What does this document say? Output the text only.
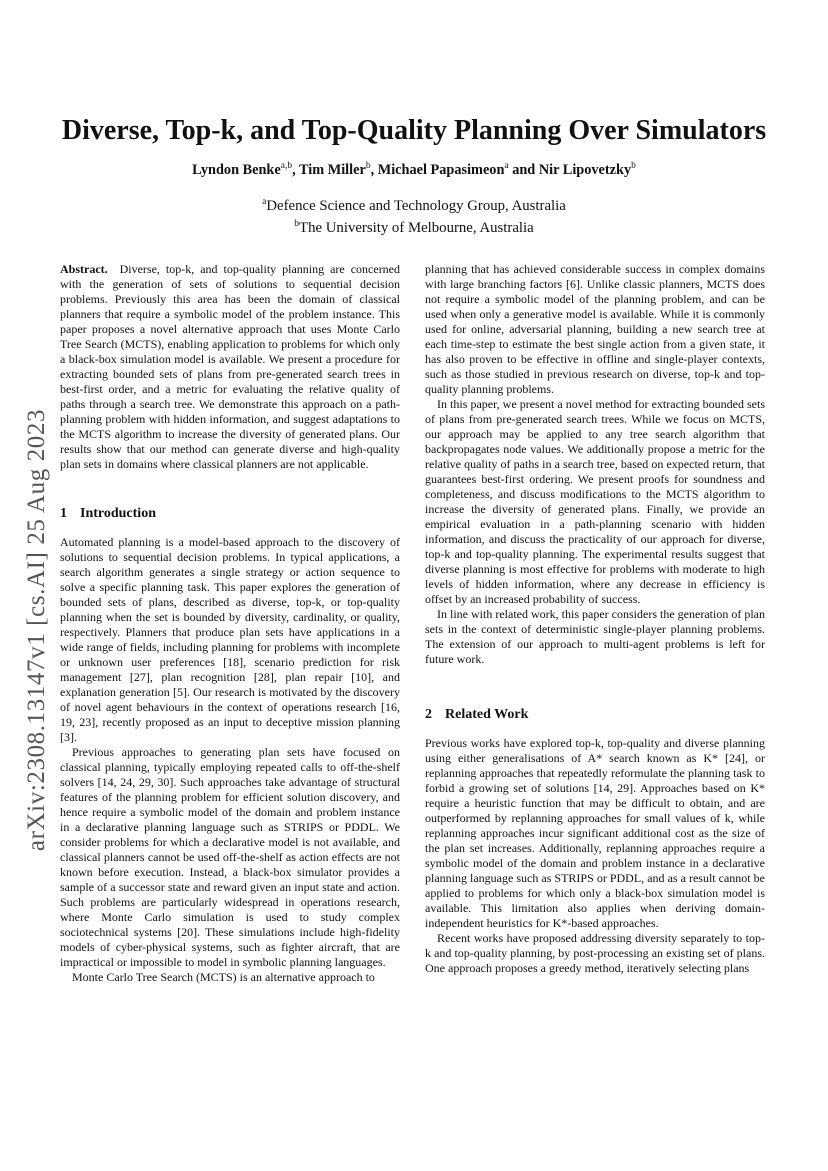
arXiv:2308.13147v1 [cs.AI] 25 Aug 2023
Diverse, Top-k, and Top-Quality Planning Over Simulators
Lyndon Benke$^{a,b}$, Tim Miller$^b$, Michael Papasimeon$^a$ and Nir Lipovetzky$^b$
$^a$Defence Science and Technology Group, Australia
$^b$The University of Melbourne, Australia

Abstract. Diverse, top-k, and top-quality planning are concerned with the generation of sets of solutions to sequential decision problems. Previously this area has been the domain of classical planners that require a symbolic model of the problem instance. This paper proposes a novel alternative approach that uses Monte Carlo Tree Search (MCTS), enabling application to problems for which only a black-box simulation model is available. We present a procedure for extracting bounded sets of plans from pre-generated search trees in best-first order, and a metric for evaluating the relative quality of paths through a search tree. We demonstrate this approach on a path-planning problem with hidden information, and suggest adaptations to the MCTS algorithm to increase the diversity of generated plans. Our results show that our method can generate diverse and high-quality plan sets in domains where classical planners are not applicable.

1 Introduction

Automated planning is a model-based approach to the discovery of solutions to sequential decision problems. In typical applications, a search algorithm generates a single strategy or action sequence to solve a specific planning task. This paper explores the generation of bounded sets of plans, described as diverse, top-k, or top-quality planning when the set is bounded by diversity, cardinality, or quality, respectively. Planners that produce plan sets have applications in a wide range of fields, including planning for problems with incomplete or unknown user preferences [18], scenario prediction for risk management [27], plan recognition [28], plan repair [10], and explanation generation [5]. Our research is motivated by the discovery of novel agent behaviours in the context of operations research [16, 19, 23], recently proposed as an input to deceptive mission planning [3].

Previous approaches to generating plan sets have focused on classical planning, typically employing repeated calls to off-the-shelf solvers [14, 24, 29, 30]. Such approaches take advantage of structural features of the planning problem for efficient solution discovery, and hence require a symbolic model of the domain and problem instance in a declarative planning language such as STRIPS or PDDL. We consider problems for which a declarative model is not available, and classical planners cannot be used off-the-shelf as action effects are not known before execution. Instead, a black-box simulator provides a sample of a successor state and reward given an input state and action. Such problems are particularly widespread in operations research, where Monte Carlo simulation is used to study complex sociotechnical systems [20]. These simulations include high-fidelity models of cyber-physical systems, such as fighter aircraft, that are impractical or impossible to model in symbolic planning languages.

Monte Carlo Tree Search (MCTS) is an alternative approach to

planning that has achieved considerable success in complex domains with large branching factors [6]. Unlike classic planners, MCTS does not require a symbolic model of the planning problem, and can be used when only a generative model is available. While it is commonly used for online, adversarial planning, building a new search tree at each time-step to estimate the best single action from a given state, it has also proven to be effective in offline and single-player contexts, such as those studied in previous research on diverse, top-k and top-quality planning problems.

In this paper, we present a novel method for extracting bounded sets of plans from pre-generated search trees. While we focus on MCTS, our approach may be applied to any tree search algorithm that backpropagates node values. We additionally propose a metric for the relative quality of paths in a search tree, based on expected return, that guarantees best-first ordering. We present proofs for soundness and completeness, and discuss modifications to the MCTS algorithm to increase the diversity of generated plans. Finally, we provide an empirical evaluation in a path-planning scenario with hidden information, and discuss the practicality of our approach for diverse, top-k and top-quality planning. The experimental results suggest that diverse planning is most effective for problems with moderate to high levels of hidden information, where any decrease in efficiency is offset by an increased probability of success.

In line with related work, this paper considers the generation of plan sets in the context of deterministic single-player planning problems. The extension of our approach to multi-agent problems is left for future work.

2 Related Work

Previous works have explored top-k, top-quality and diverse planning using either generalisations of A* search known as K* [24], or replanning approaches that repeatedly reformulate the planning task to forbid a growing set of solutions [14, 29]. Approaches based on K* require a heuristic function that may be difficult to obtain, and are outperformed by replanning approaches for small values of k, while replanning approaches incur significant additional cost as the size of the plan set increases. Additionally, replanning approaches require a symbolic model of the domain and problem instance in a declarative planning language such as STRIPS or PDDL, and as a result cannot be applied to problems for which only a black-box simulation model is available. This limitation also applies when deriving domain-independent heuristics for K*-based approaches.

Recent works have proposed addressing diversity separately to top-k and top-quality planning, by post-processing an existing set of plans. One approach proposes a greedy method, iteratively selecting plans
